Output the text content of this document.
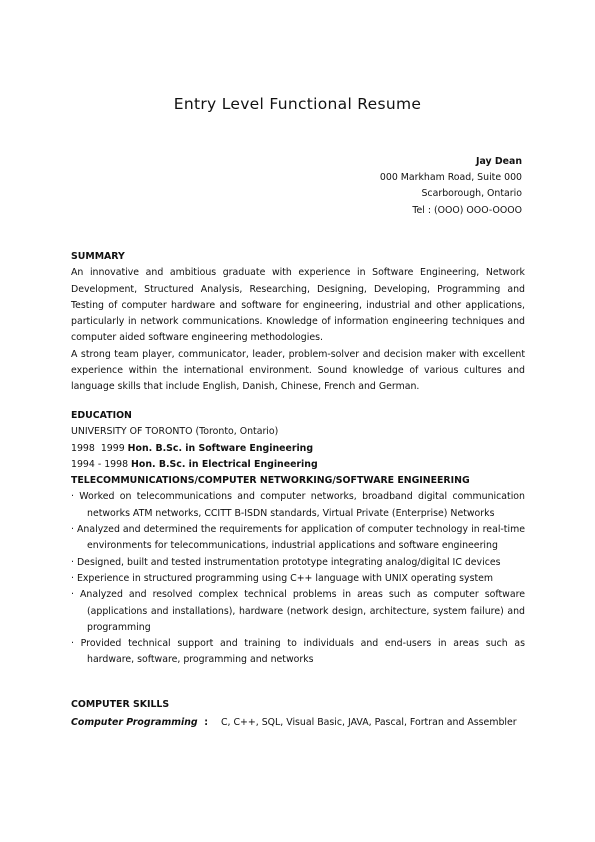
Entry Level Functional Resume
Jay Dean
000 Markham Road, Suite 000
Scarborough, Ontario
Tel : (OOO) OOO-OOOO
SUMMARY
An innovative and ambitious graduate with experience in Software Engineering, Network Development, Structured Analysis, Researching, Designing, Developing, Programming and Testing of computer hardware and software for engineering, industrial and other applications, particularly in network communications. Knowledge of information engineering techniques and computer aided software engineering methodologies.
A strong team player, communicator, leader, problem-solver and decision maker with excellent experience within the international environment. Sound knowledge of various cultures and language skills that include English, Danish, Chinese, French and German.
EDUCATION
UNIVERSITY OF TORONTO (Toronto, Ontario)
1998  1999 Hon. B.Sc. in Software Engineering
1994 - 1998 Hon. B.Sc. in Electrical Engineering
TELECOMMUNICATIONS/COMPUTER NETWORKING/SOFTWARE ENGINEERING
· Worked on telecommunications and computer networks, broadband digital communication networks ATM networks, CCITT B-ISDN standards, Virtual Private (Enterprise) Networks
· Analyzed and determined the requirements for application of computer technology in real-time environments for telecommunications, industrial applications and software engineering
· Designed, built and tested instrumentation prototype integrating analog/digital IC devices
· Experience in structured programming using C++ language with UNIX operating system
· Analyzed and resolved complex technical problems in areas such as computer software (applications and installations), hardware (network design, architecture, system failure) and programming
· Provided technical support and training to individuals and end-users in areas such as hardware, software, programming and networks
COMPUTER SKILLS
Computer Programming : C, C++, SQL, Visual Basic, JAVA, Pascal, Fortran and Assembler
